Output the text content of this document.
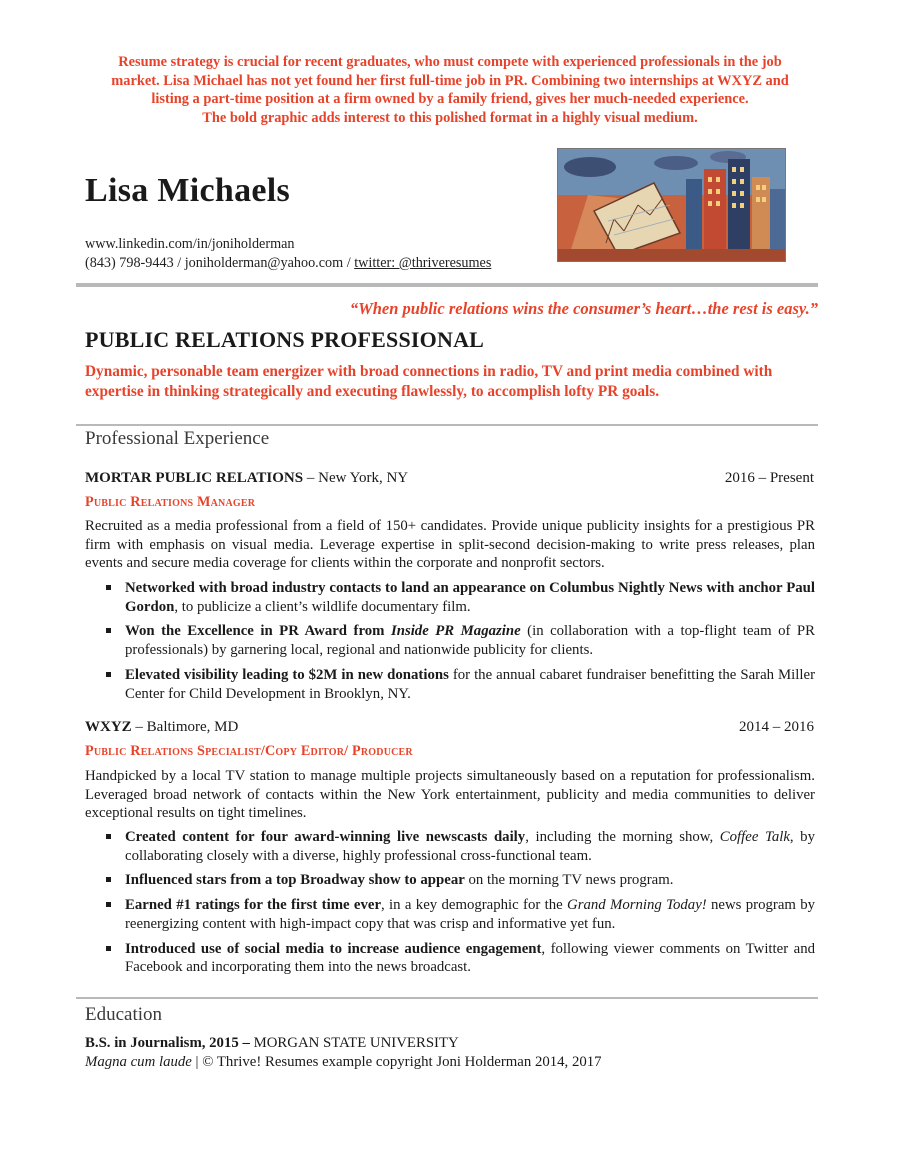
Resume strategy is crucial for recent graduates, who must compete with experienced professionals in the job
market. Lisa Michael has not yet found her first full-time job in PR. Combining two internships at WXYZ and
listing a part-time position at a firm owned by a family friend, gives her much-needed experience.
The bold graphic adds interest to this polished format in a highly visual medium.
Lisa Michaels
www.linkedin.com/in/joniholderman
(843) 798-9443 / joniholderman@yahoo.com / twitter: @thriveresumes
“When public relations wins the consumer’s heart…the rest is easy.”
PUBLIC RELATIONS PROFESSIONAL
Dynamic, personable team energizer with broad connections in radio, TV and print media combined with
expertise in thinking strategically and executing flawlessly, to accomplish lofty PR goals.
Professional Experience
MORTAR PUBLIC RELATIONS – New York, NY	2016 – Present
Public Relations Manager
Recruited as a media professional from a field of 150+ candidates. Provide unique publicity insights for a prestigious PR firm with emphasis on visual media. Leverage expertise in split-second decision-making to write press releases, plan events and secure media coverage for clients within the corporate and nonprofit sectors.
Networked with broad industry contacts to land an appearance on Columbus Nightly News with anchor Paul Gordon, to publicize a client’s wildlife documentary film.
Won the Excellence in PR Award from Inside PR Magazine (in collaboration with a top-flight team of PR professionals) by garnering local, regional and nationwide publicity for clients.
Elevated visibility leading to $2M in new donations for the annual cabaret fundraiser benefitting the Sarah Miller Center for Child Development in Brooklyn, NY.
WXYZ – Baltimore, MD	2014 – 2016
Public Relations Specialist/Copy Editor/ Producer
Handpicked by a local TV station to manage multiple projects simultaneously based on a reputation for professionalism. Leveraged broad network of contacts within the New York entertainment, publicity and media communities to deliver exceptional results on tight timelines.
Created content for four award-winning live newscasts daily, including the morning show, Coffee Talk, by collaborating closely with a diverse, highly professional cross-functional team.
Influenced stars from a top Broadway show to appear on the morning TV news program.
Earned #1 ratings for the first time ever, in a key demographic for the Grand Morning Today! news program by reenergizing content with high-impact copy that was crisp and informative yet fun.
Introduced use of social media to increase audience engagement, following viewer comments on Twitter and Facebook and incorporating them into the news broadcast.
Education
B.S. in Journalism, 2015 – MORGAN STATE UNIVERSITY
Magna cum laude | © Thrive! Resumes example copyright Joni Holderman 2014, 2017
